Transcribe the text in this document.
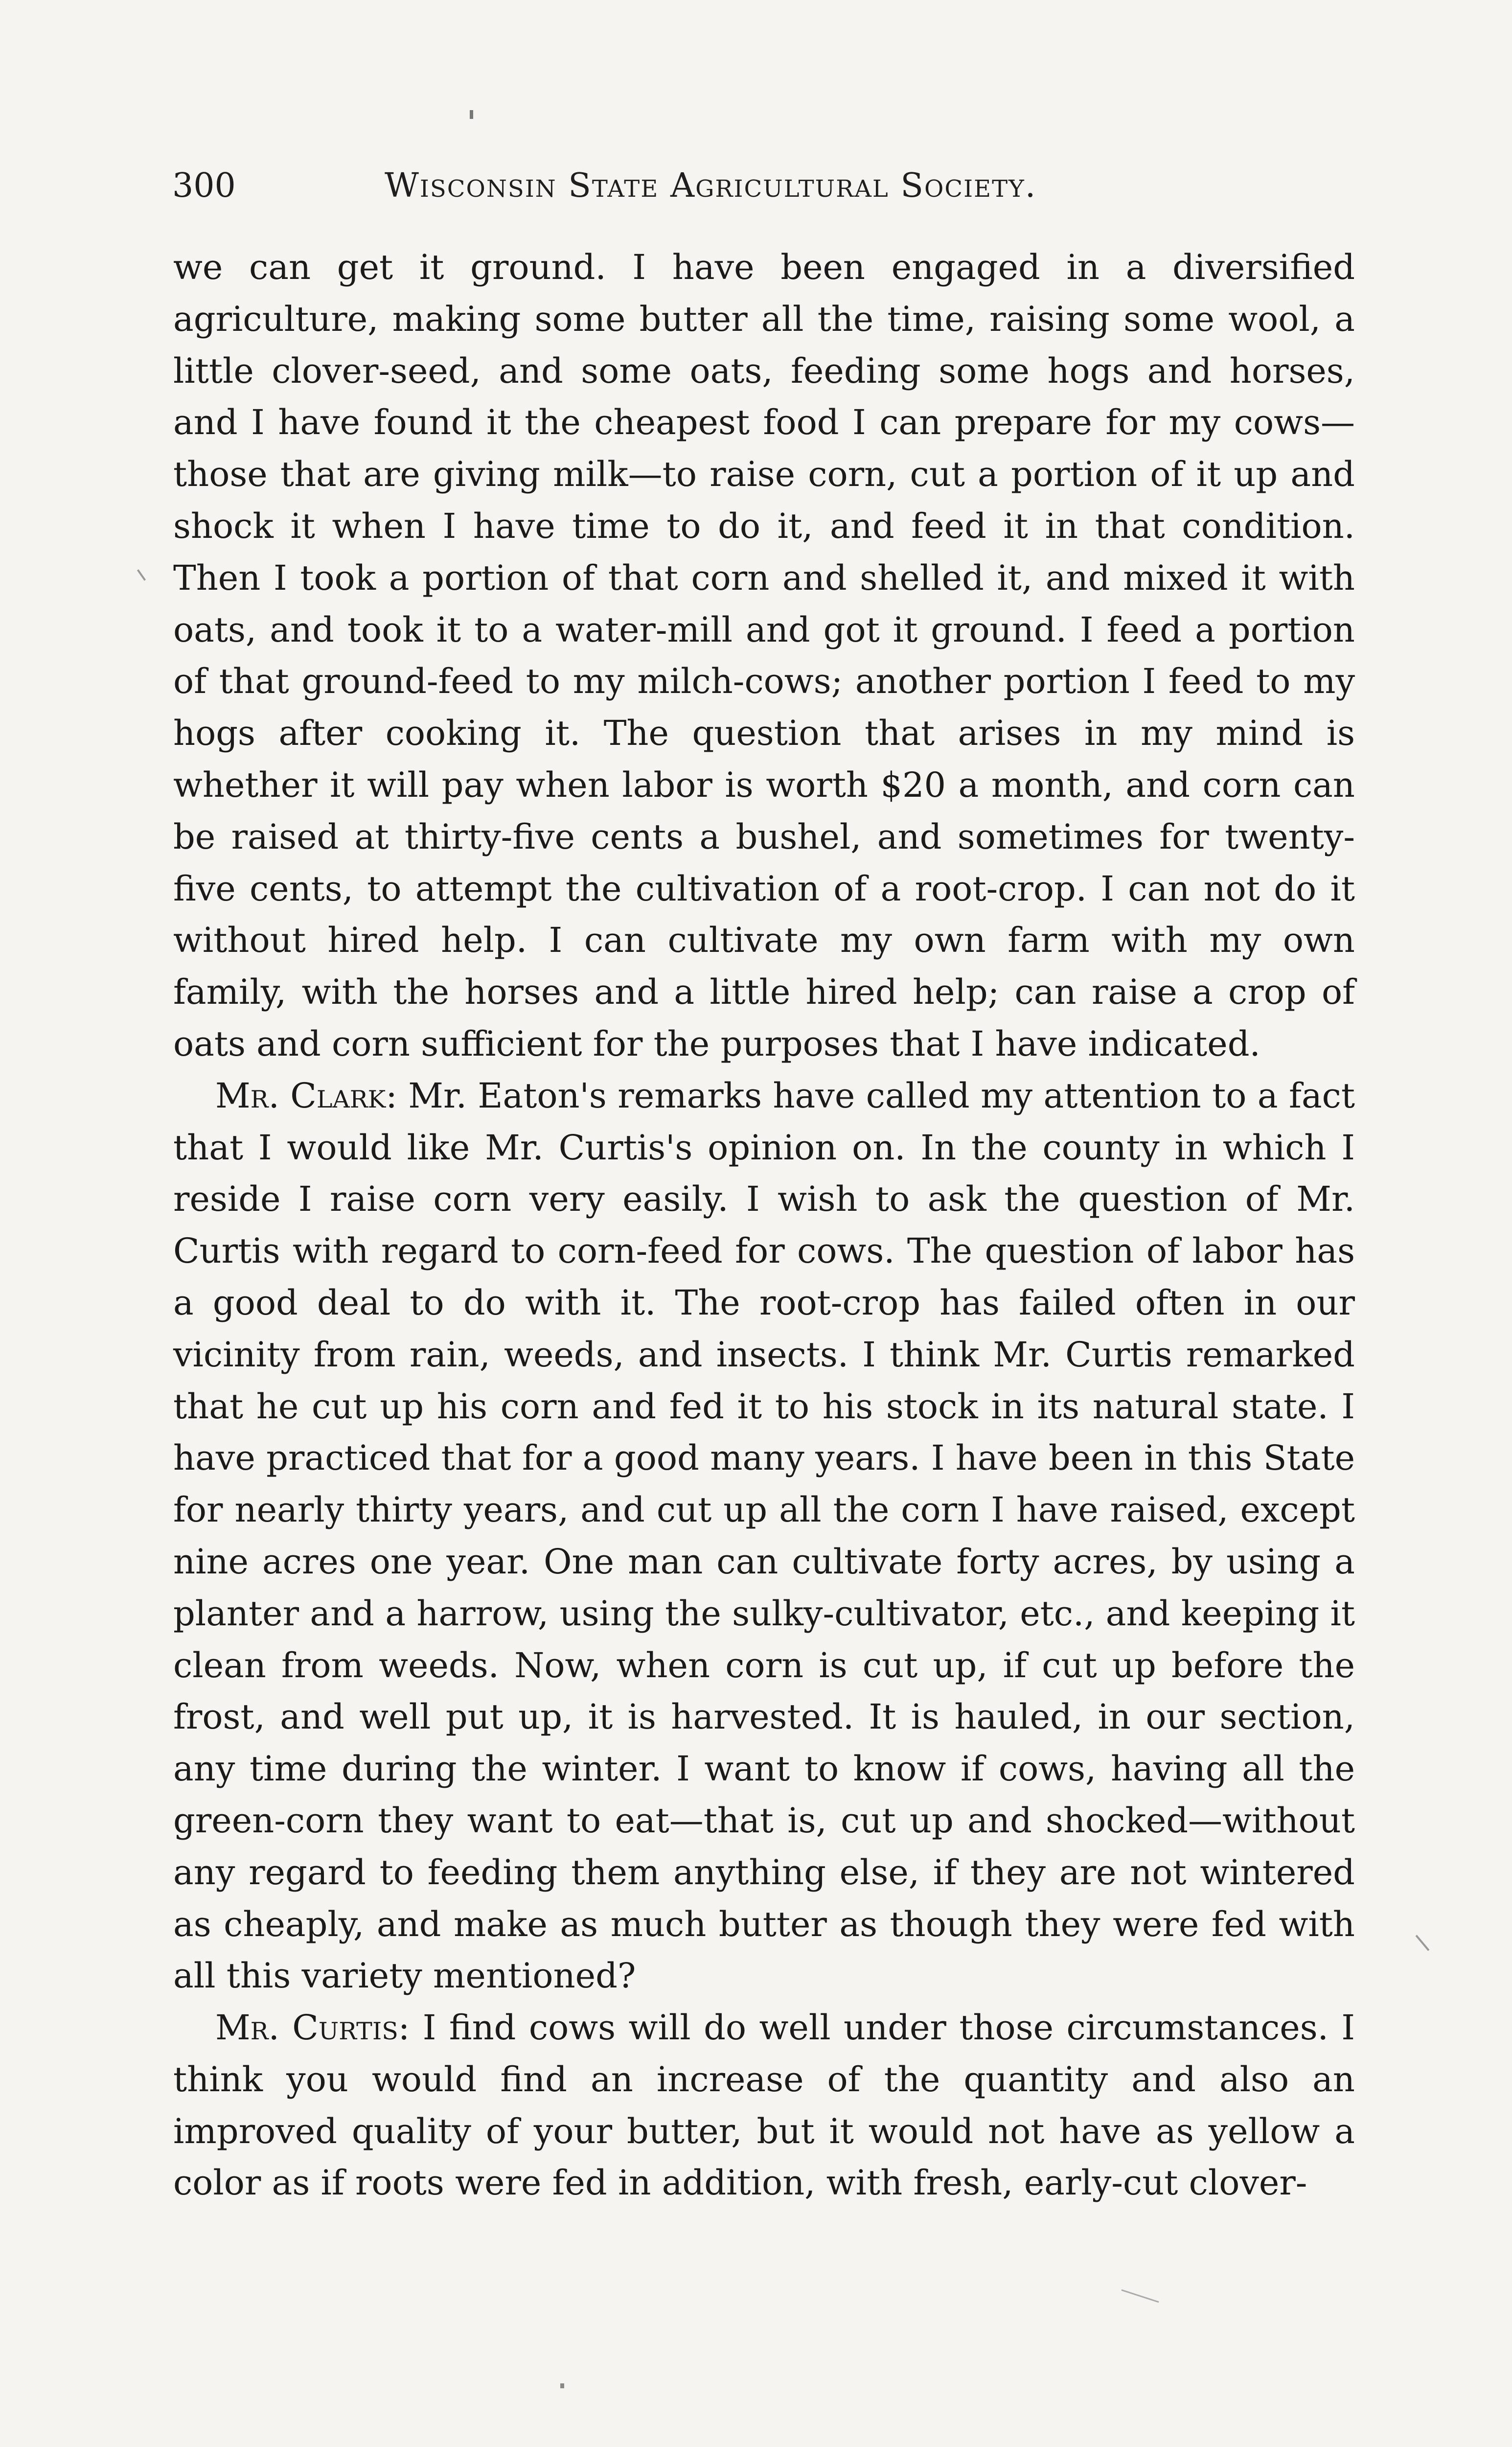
300	Wisconsin State Agricultural Society.

we can get it ground. I have been engaged in a diversified agriculture, making some butter all the time, raising some wool, a little clover-seed, and some oats, feeding some hogs and horses, and I have found it the cheapest food I can prepare for my cows—those that are giving milk—to raise corn, cut a portion of it up and shock it when I have time to do it, and feed it in that condition. Then I took a portion of that corn and shelled it, and mixed it with oats, and took it to a water-mill and got it ground. I feed a portion of that ground-feed to my milch-cows; another portion I feed to my hogs after cooking it. The question that arises in my mind is whether it will pay when labor is worth $20 a month, and corn can be raised at thirty-five cents a bushel, and sometimes for twenty-five cents, to attempt the cultivation of a root-crop. I can not do it without hired help. I can cultivate my own farm with my own family, with the horses and a little hired help; can raise a crop of oats and corn sufficient for the purposes that I have indicated.

Mr. Clark: Mr. Eaton's remarks have called my attention to a fact that I would like Mr. Curtis's opinion on. In the county in which I reside I raise corn very easily. I wish to ask the question of Mr. Curtis with regard to corn-feed for cows. The question of labor has a good deal to do with it. The root-crop has failed often in our vicinity from rain, weeds, and insects. I think Mr. Curtis remarked that he cut up his corn and fed it to his stock in its natural state. I have practiced that for a good many years. I have been in this State for nearly thirty years, and cut up all the corn I have raised, except nine acres one year. One man can cultivate forty acres, by using a planter and a harrow, using the sulky-cultivator, etc., and keeping it clean from weeds. Now, when corn is cut up, if cut up before the frost, and well put up, it is harvested. It is hauled, in our section, any time during the winter. I want to know if cows, having all the green-corn they want to eat—that is, cut up and shocked—without any regard to feeding them anything else, if they are not wintered as cheaply, and make as much butter as though they were fed with all this variety mentioned?

Mr. Curtis: I find cows will do well under those circumstances. I think you would find an increase of the quantity and also an improved quality of your butter, but it would not have as yellow a color as if roots were fed in addition, with fresh, early-cut clover-
